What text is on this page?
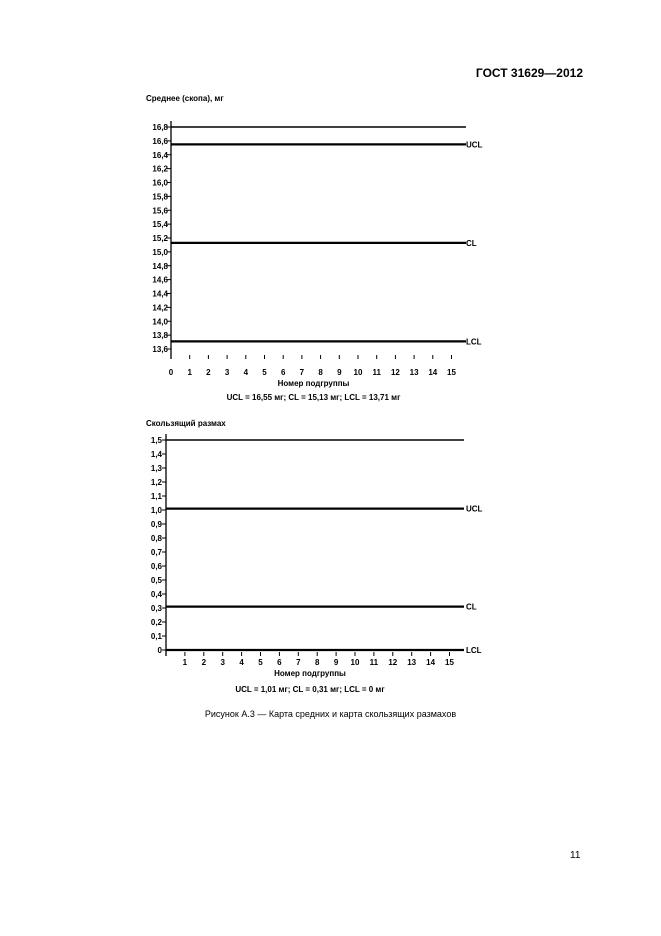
ГОСТ 31629—2012
Среднее (скопа), мг
16,8
16,6
16,4
16,2
16,0
15,8
15,6
15,4
15,2
15,0
14,8
14,6
14,4
14,2
14,0
13,8
13,6
0 1 2 3 4 5 6 7 8 9 10 11 12 13 14 15
UCL
CL
LCL
Номер подгруппы
UCL = 16,55 мг; CL = 15,13 мг; LCL = 13,71 мг
Скользящий размах
1,5
1,4
1,3
1,2
1,1
1,0
0,9
0,8
0,7
0,6
0,5
0,4
0,3
0,2
0,1
0
1 2 3 4 5 6 7 8 9 10 11 12 13 14 15
UCL
CL
LCL
Номер подгруппы
UCL = 1,01 мг; CL = 0,31 мг; LCL = 0 мг
Рисунок А.3 — Карта средних и карта скользящих размахов
11
